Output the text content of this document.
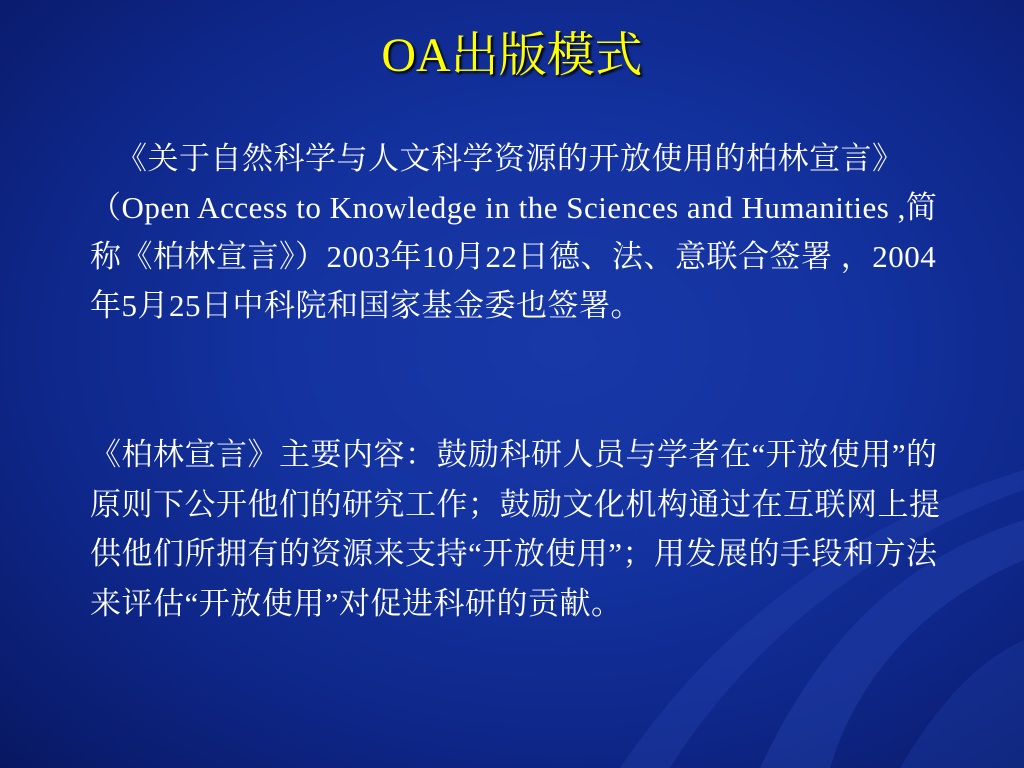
OA出版模式

《关于自然科学与人文科学资源的开放使用的柏林宣言》（Open Access to Knowledge in the Sciences and Humanities ,简称《柏林宣言》）2003年10月22日德、法、意联合签署 ，2004年5月25日中科院和国家基金委也签署。

《柏林宣言》主要内容：鼓励科研人员与学者在“开放使用”的原则下公开他们的研究工作；鼓励文化机构通过在互联网上提供他们所拥有的资源来支持“开放使用”；用发展的手段和方法来评估“开放使用”对促进科研的贡献。
